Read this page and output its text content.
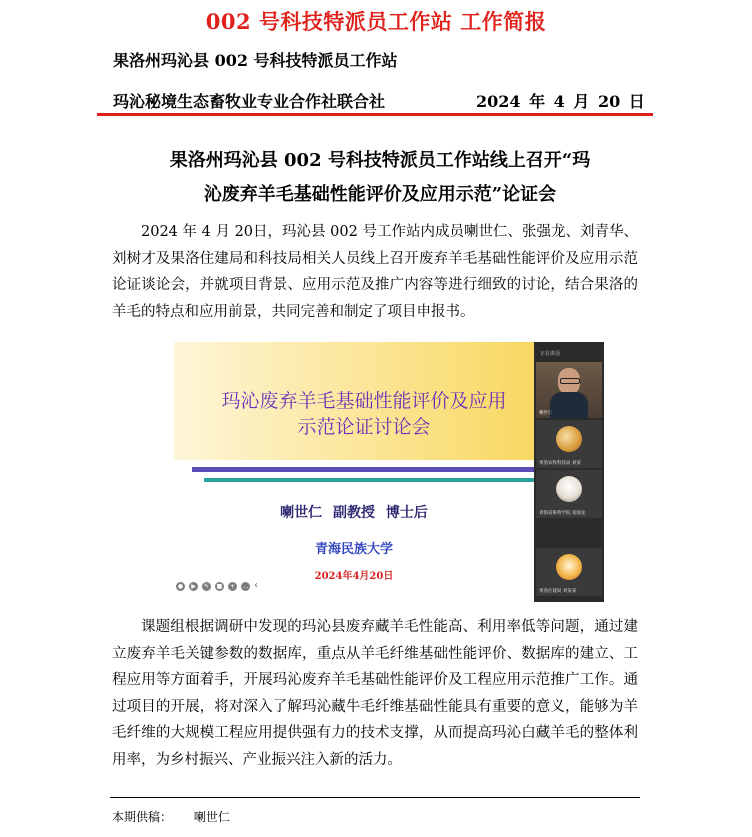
002 号科技特派员工作站 工作简报
果洛州玛沁县 002 号科技特派员工作站
玛沁秘境生态畜牧业专业合作社联合社	2024 年 4 月 20 日
果洛州玛沁县 002 号科技特派员工作站线上召开“玛
沁废弃羊毛基础性能评价及应用示范”论证会
2024 年 4 月 20日，玛沁县 002 号工作站内成员喇世仁、张强龙、刘青华、刘树才及果洛住建局和科技局相关人员线上召开废弃羊毛基础性能评价及应用示范论证谈论会，并就项目背景、应用示范及推广内容等进行细致的讨论，结合果洛的羊毛的特点和应用前景，共同完善和制定了项目申报书。
玛沁废弃羊毛基础性能评价及应用
示范论证讨论会
喇世仁 副教授 博士后
青海民族大学
2024年4月20日
●	▶	✎	■	+	… ‹
正在讲话
喇世仁
果洛农牧科技局 刘某
青海省畜牧学院 张强龙
果洛住建局 刘某某
课题组根据调研中发现的玛沁县废弃藏羊毛性能高、利用率低等问题，通过建立废弃羊毛关键参数的数据库，重点从羊毛纤维基础性能评价、数据库的建立、工程应用等方面着手，开展玛沁废弃羊毛基础性能评价及工程应用示范推广工作。通过项目的开展，将对深入了解玛沁藏牛毛纤维基础性能具有重要的意义，能够为羊毛纤维的大规模工程应用提供强有力的技术支撑，从而提高玛沁白藏羊毛的整体利用率，为乡村振兴、产业振兴注入新的活力。
本期供稿： 喇世仁
